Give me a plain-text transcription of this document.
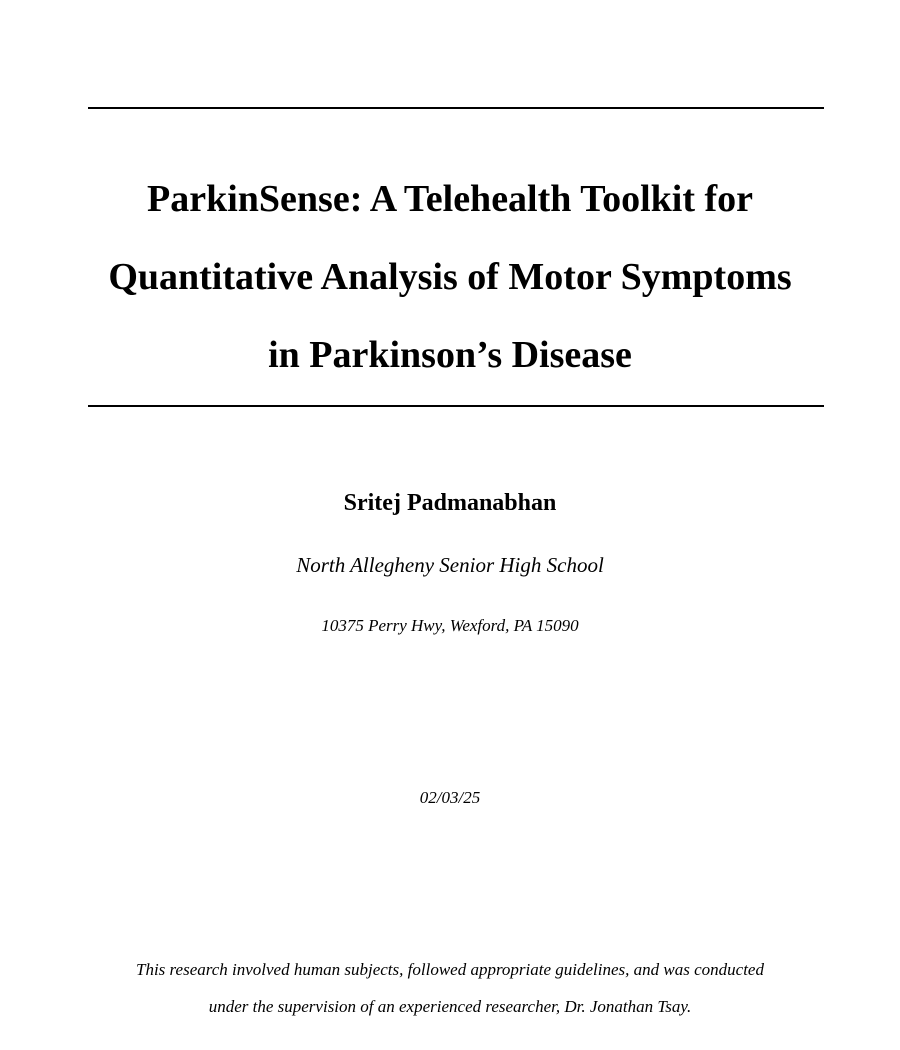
ParkinSense: A Telehealth Toolkit for
Quantitative Analysis of Motor Symptoms
in Parkinson’s Disease
Sritej Padmanabhan
North Allegheny Senior High School
10375 Perry Hwy, Wexford, PA 15090
02/03/25
This research involved human subjects, followed appropriate guidelines, and was conducted
under the supervision of an experienced researcher, Dr. Jonathan Tsay.
